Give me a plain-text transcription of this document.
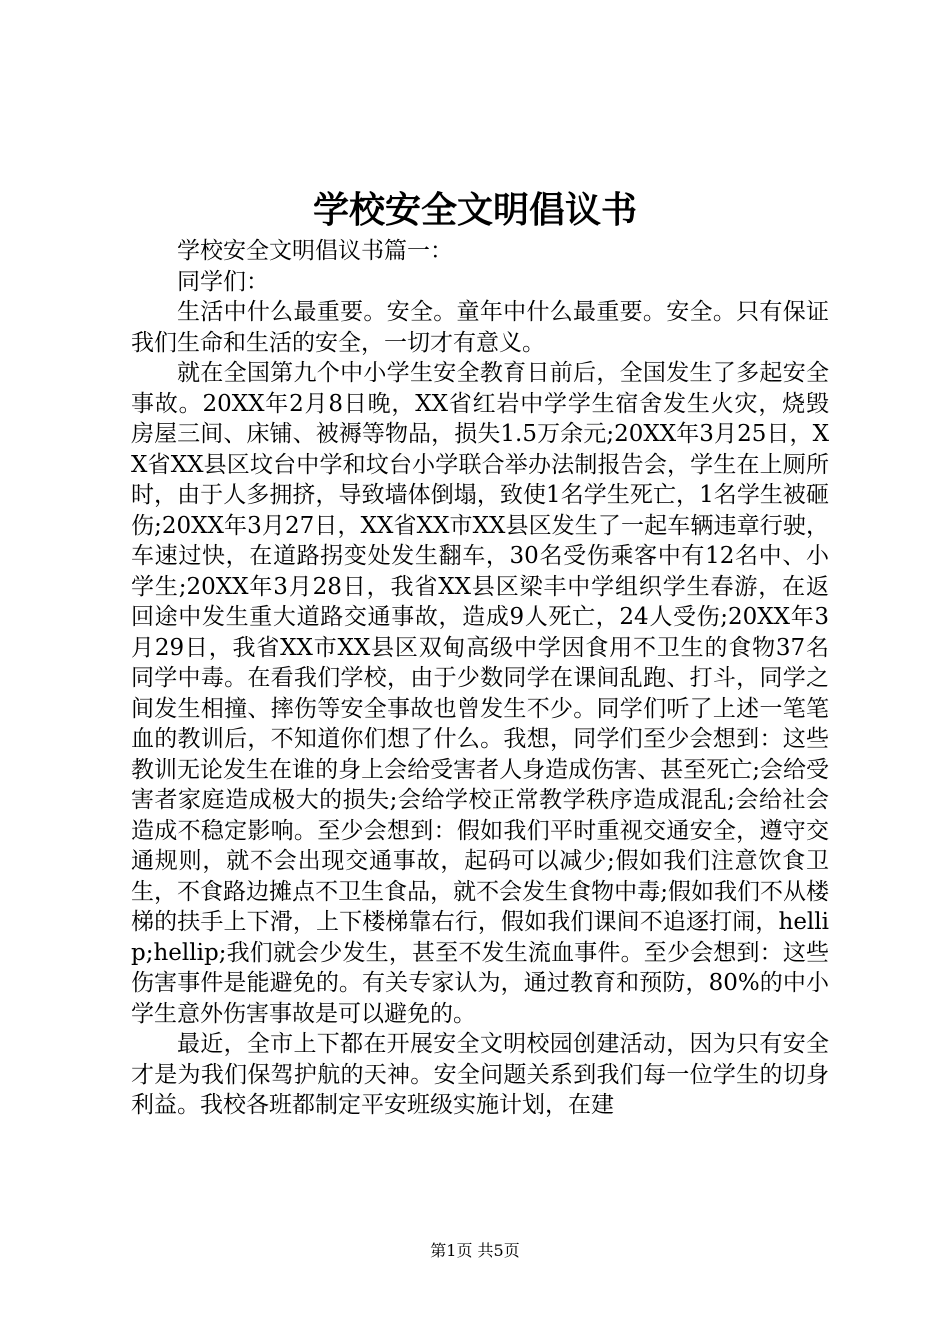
学校安全文明倡议书

学校安全文明倡议书篇一：

同学们：

生活中什么最重要。安全。童年中什么最重要。安全。只有保证我们生命和生活的安全，一切才有意义。

就在全国第九个中小学生安全教育日前后，全国发生了多起安全事故。20XX年2月8日晚，XX省红岩中学学生宿舍发生火灾，烧毁房屋三间、床铺、被褥等物品，损失1.5万余元;20XX年3月25日，XX省XX县区坟台中学和坟台小学联合举办法制报告会，学生在上厕所时，由于人多拥挤，导致墙体倒塌，致使1名学生死亡，1名学生被砸伤;20XX年3月27日，XX省XX市XX县区发生了一起车辆违章行驶，车速过快，在道路拐变处发生翻车，30名受伤乘客中有12名中、小学生;20XX年3月28日，我省XX县区梁丰中学组织学生春游，在返回途中发生重大道路交通事故，造成9人死亡，24人受伤;20XX年3月29日，我省XX市XX县区双甸高级中学因食用不卫生的食物37名同学中毒。在看我们学校，由于少数同学在课间乱跑、打斗，同学之间发生相撞、摔伤等安全事故也曾发生不少。同学们听了上述一笔笔血的教训后，不知道你们想了什么。我想，同学们至少会想到：这些教训无论发生在谁的身上会给受害者人身造成伤害、甚至死亡;会给受害者家庭造成极大的损失;会给学校正常教学秩序造成混乱;会给社会造成不稳定影响。至少会想到：假如我们平时重视交通安全，遵守交通规则，就不会出现交通事故，起码可以减少;假如我们注意饮食卫生，不食路边摊点不卫生食品，就不会发生食物中毒;假如我们不从楼梯的扶手上下滑，上下楼梯靠右行，假如我们课间不追逐打闹，hellip;hellip;我们就会少发生，甚至不发生流血事件。至少会想到：这些伤害事件是能避免的。有关专家认为，通过教育和预防，80%的中小学生意外伤害事故是可以避免的。

最近，全市上下都在开展安全文明校园创建活动，因为只有安全才是为我们保驾护航的天神。安全问题关系到我们每一位学生的切身利益。我校各班都制定平安班级实施计划，在建

第1页 共5页
